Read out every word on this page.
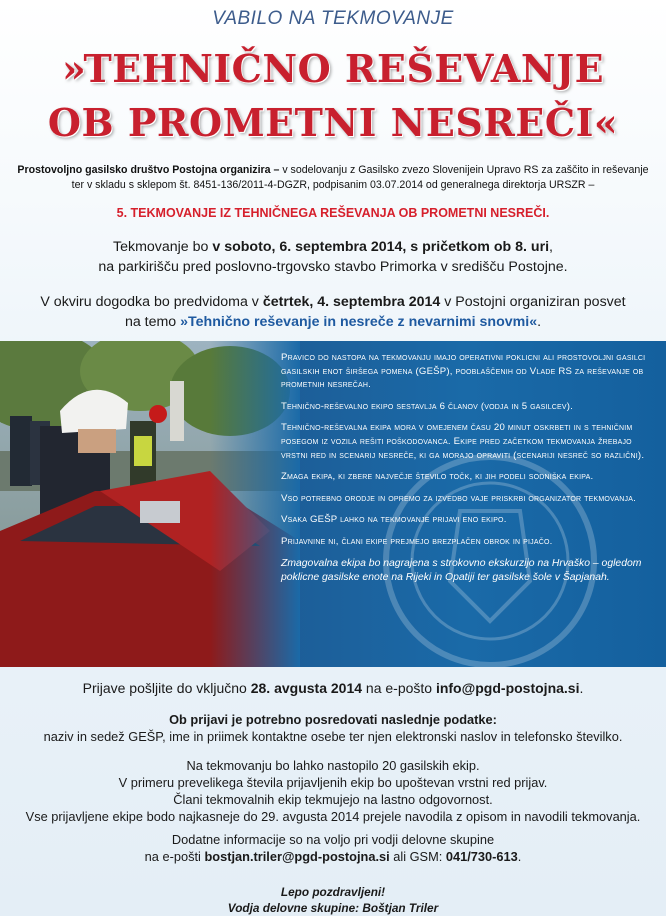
VABILO NA TEKMOVANJE
»TEHNIČNO REŠEVANJE
OB PROMETNI NESREČI«
Prostovoljno gasilsko društvo Postojna organizira – v sodelovanju z Gasilsko zvezo Slovenijein Upravo RS za zaščito in reševanje
ter v skladu s sklepom št. 8451-136/2011-4-DGZR, podpisanim 03.07.2014 od generalnega direktorja URSZR –
5. TEKMOVANJE IZ TEHNIČNEGA REŠEVANJA OB PROMETNI NESREČI.
Tekmovanje bo v soboto, 6. septembra 2014, s pričetkom ob 8. uri,
na parkirišču pred poslovno-trgovsko stavbo Primorka v središču Postojne.
V okviru dogodka bo predvidoma v četrtek, 4. septembra 2014 v Postojni organiziran posvet
na temo »Tehnično reševanje in nesreče z nevarnimi snovmi«.

Pravico do nastopa na tekmovanju imajo operativni poklicni ali prostovoljni gasilci gasilskih enot širšega pomena (GEŠP), pooblaščenih od Vlade RS za reševanje ob prometnih nesrečah.

Tehnično-reševalno ekipo sestavlja 6 članov (vodja in 5 gasilcev).

Tehnično-reševalna ekipa mora v omejenem času 20 minut oskrbeti in s tehničnim posegom iz vozila rešiti poškodovanca. Ekipe pred začetkom tekmovanja žrebajo vrstni red in scenarij nesreče, ki ga morajo opraviti (scenariji nesreč so različni).

Zmaga ekipa, ki zbere največje število točk, ki jih podeli sodniška ekipa.

Vso potrebno orodje in opremo za izvedbo vaje priskrbi organizator tekmovanja.

Vsaka GEŠP lahko na tekmovanje prijavi eno ekipo.

Prijavnine ni, člani ekipe prejmejo brezplačen obrok in pijačo.

Zmagovalna ekipa bo nagrajena s strokovno ekskurzijo na Hrvaško – ogledom poklicne gasilske enote na Rijeki in Opatiji ter gasilske šole v Šapjanah.

Prijave pošljite do vključno 28. avgusta 2014 na e-pošto info@pgd-postojna.si.
Ob prijavi je potrebno posredovati naslednje podatke:
naziv in sedež GEŠP, ime in priimek kontaktne osebe ter njen elektronski naslov in telefonsko številko.
Na tekmovanju bo lahko nastopilo 20 gasilskih ekip.
V primeru prevelikega števila prijavljenih ekip bo upoštevan vrstni red prijav.
Člani tekmovalnih ekip tekmujejo na lastno odgovornost.
Vse prijavljene ekipe bodo najkasneje do 29. avgusta 2014 prejele navodila z opisom in navodili tekmovanja.
Dodatne informacije so na voljo pri vodji delovne skupine
na e-pošti bostjan.triler@pgd-postojna.si ali GSM: 041/730-613.
Lepo pozdravljeni!
Vodja delovne skupine: Boštjan Triler
